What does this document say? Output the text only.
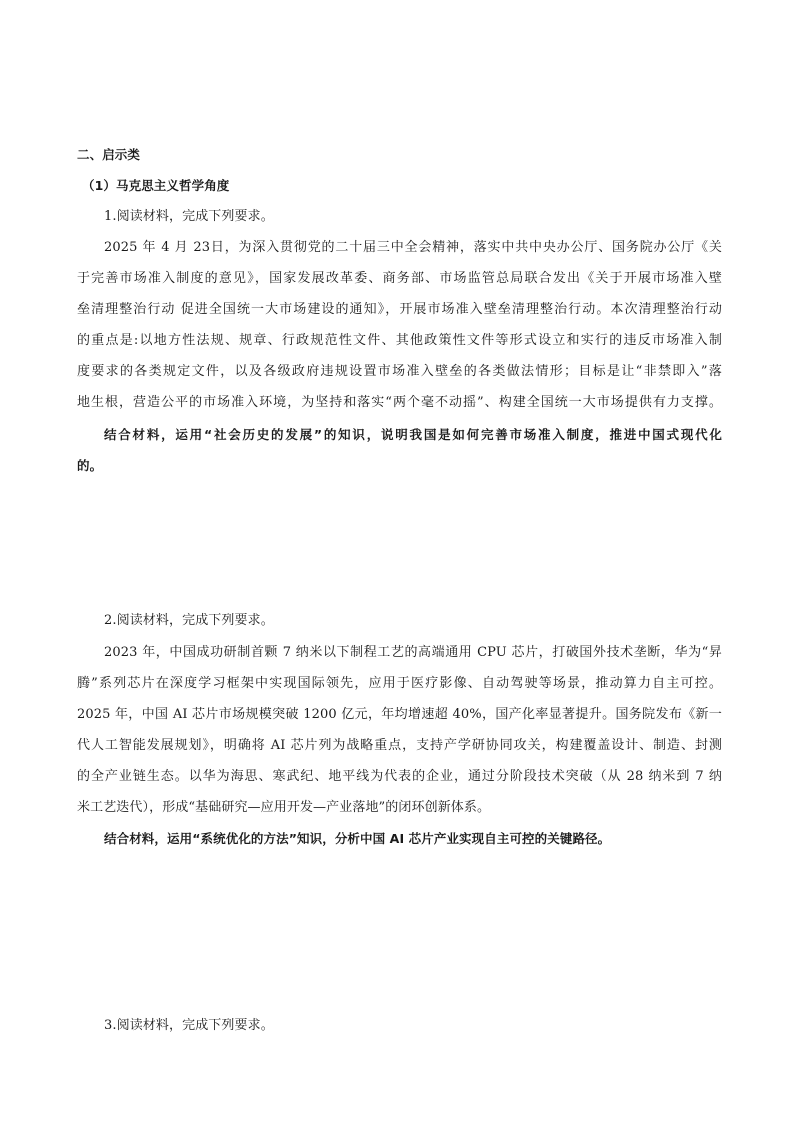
二、启示类
（1）马克思主义哲学角度
1.阅读材料，完成下列要求。
2025 年 4 月 23日，为深入贯彻党的二十届三中全会精神，落实中共中央办公厅、国务院办公厅《关
于完善市场准入制度的意见》，国家发展改革委、商务部、市场监管总局联合发出《关于开展市场准入壁
垒清理整治行动 促进全国统一大市场建设的通知》，开展市场准入壁垒清理整治行动。本次清理整治行动
的重点是:以地方性法规、规章、行政规范性文件、其他政策性文件等形式设立和实行的违反市场准入制
度要求的各类规定文件，以及各级政府违规设置市场准入壁垒的各类做法情形；目标是让“非禁即入”落
地生根，营造公平的市场准入环境，为坚持和落实“两个毫不动摇”、构建全国统一大市场提供有力支撑。
结合材料，运用“社会历史的发展”的知识，说明我国是如何完善市场准入制度，推进中国式现代化
的。
2.阅读材料，完成下列要求。
2023 年，中国成功研制首颗 7 纳米以下制程工艺的高端通用 CPU 芯片，打破国外技术垄断，华为“昇
腾”系列芯片在深度学习框架中实现国际领先，应用于医疗影像、自动驾驶等场景，推动算力自主可控。
2025 年，中国 AI 芯片市场规模突破 1200 亿元，年均增速超 40%，国产化率显著提升。国务院发布《新一
代人工智能发展规划》，明确将 AI 芯片列为战略重点，支持产学研协同攻关，构建覆盖设计、制造、封测
的全产业链生态。以华为海思、寒武纪、地平线为代表的企业，通过分阶段技术突破（从 28 纳米到 7 纳
米工艺迭代），形成“基础研究—应用开发—产业落地”的闭环创新体系。
结合材料，运用“系统优化的方法”知识，分析中国 AI 芯片产业实现自主可控的关键路径。
3.阅读材料，完成下列要求。
